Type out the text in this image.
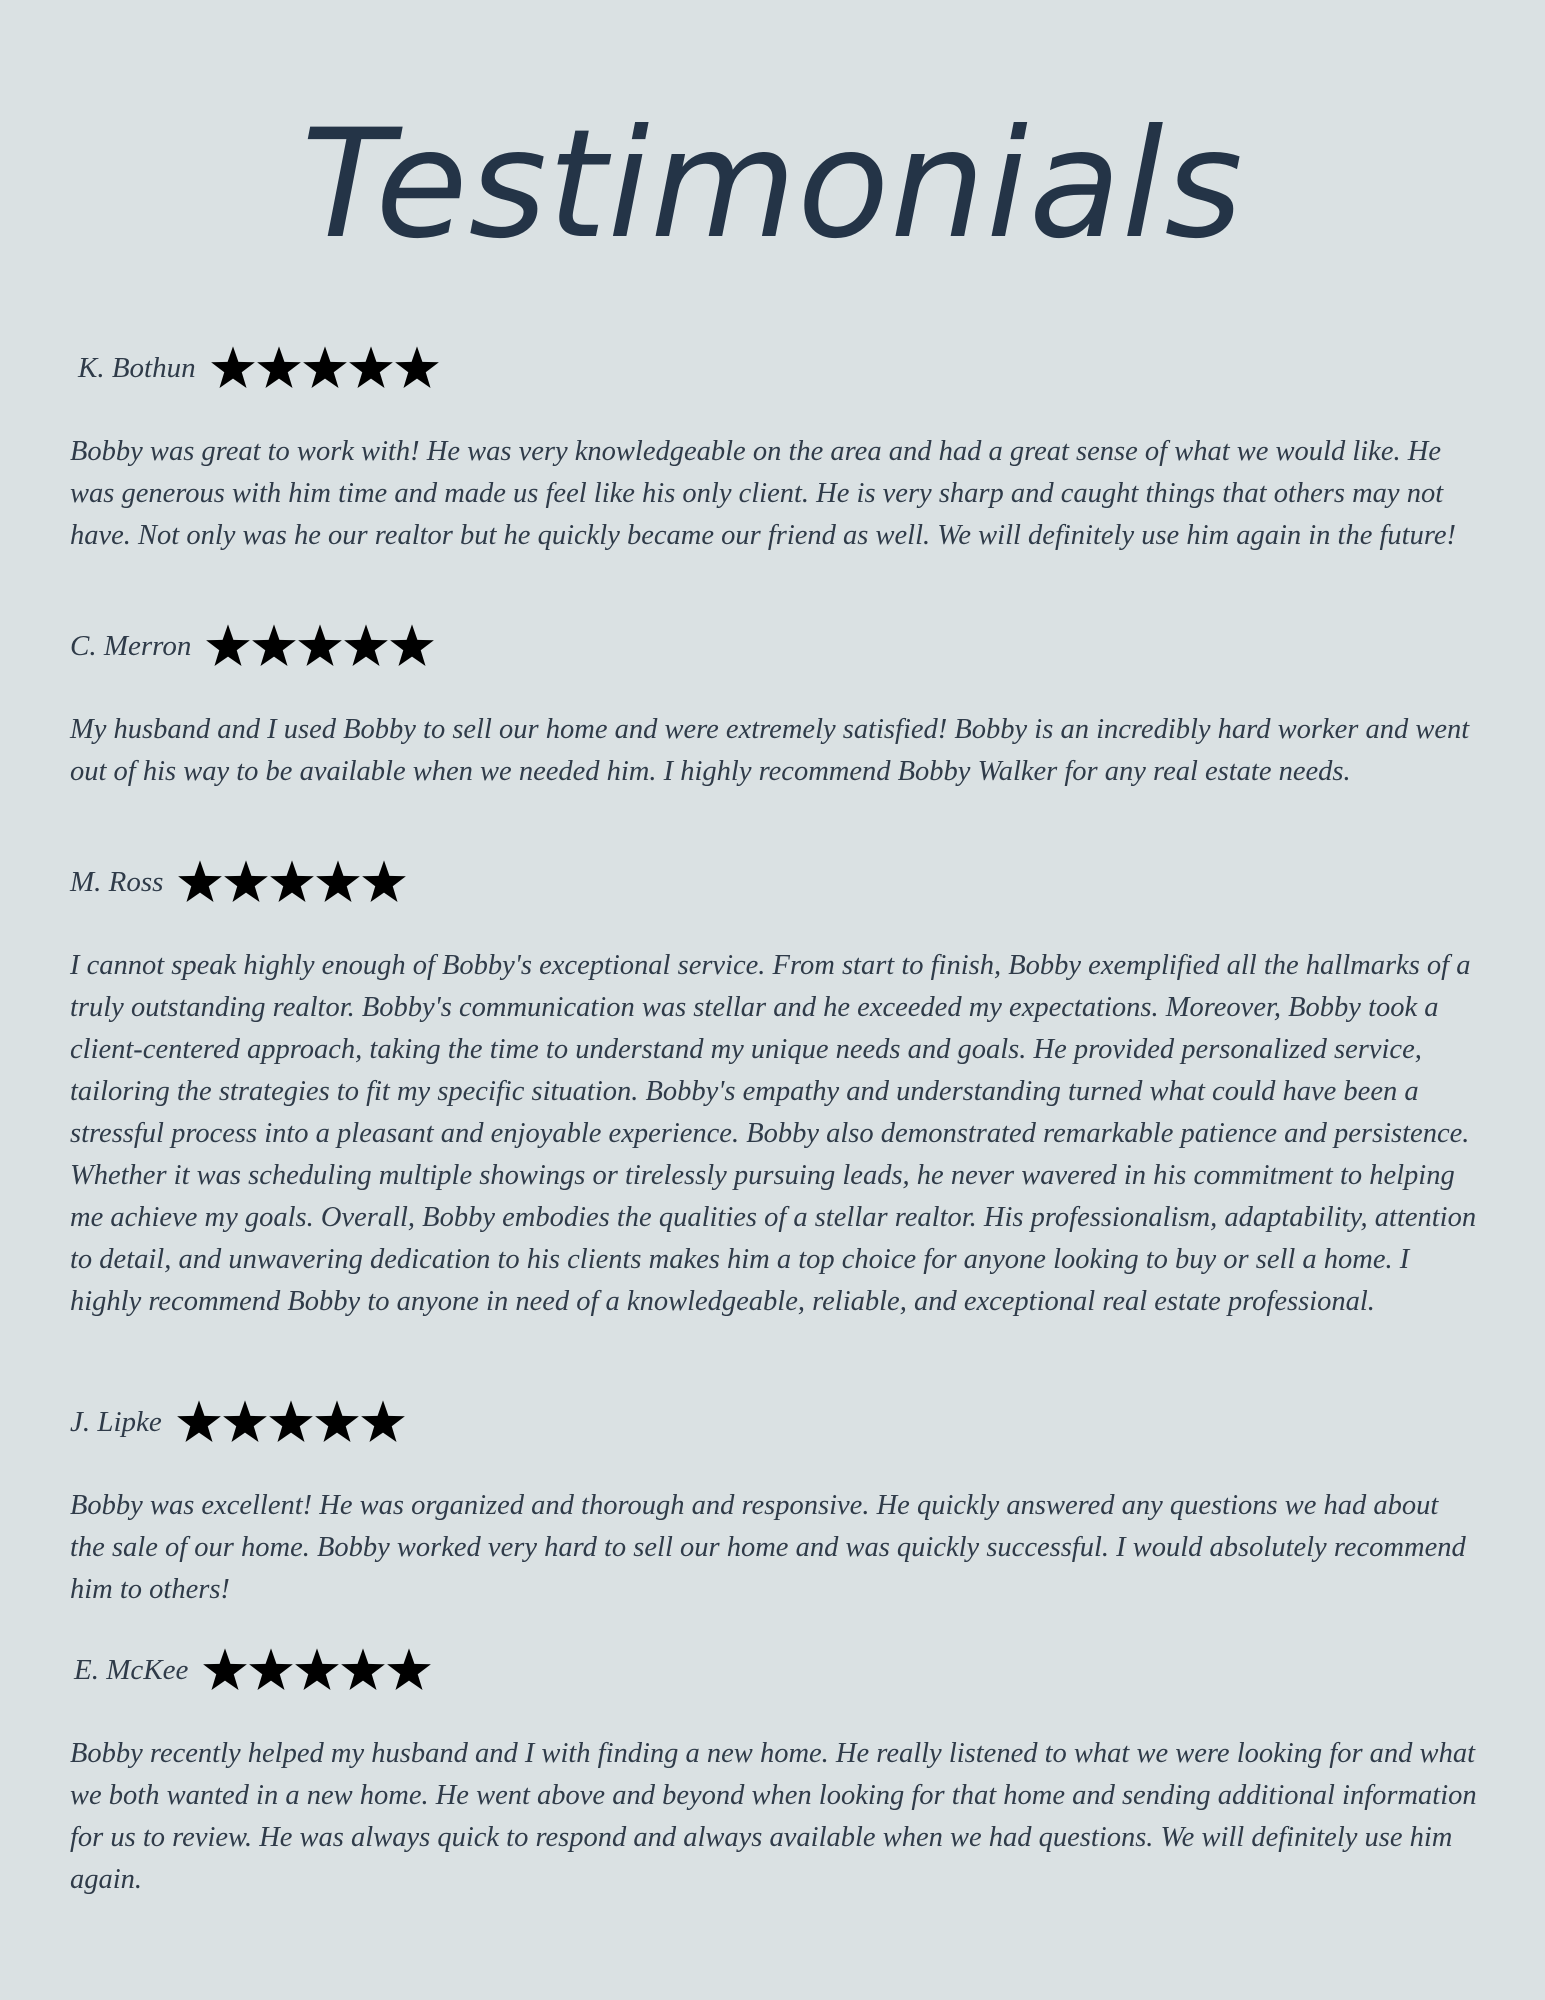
Testimonials
K. Bothun

Bobby was great to work with! He was very knowledgeable on the area and had a great sense of what we would like. He was generous with him time and made us feel like his only client. He is very sharp and caught things that others may not have. Not only was he our realtor but he quickly became our friend as well. We will definitely use him again in the future!

C. Merron

My husband and I used Bobby to sell our home and were extremely satisfied! Bobby is an incredibly hard worker and went out of his way to be available when we needed him. I highly recommend Bobby Walker for any real estate needs.

M. Ross

I cannot speak highly enough of Bobby's exceptional service. From start to finish, Bobby exemplified all the hallmarks of a truly outstanding realtor. Bobby's communication was stellar and he exceeded my expectations. Moreover, Bobby took a client-centered approach, taking the time to understand my unique needs and goals. He provided personalized service, tailoring the strategies to fit my specific situation. Bobby's empathy and understanding turned what could have been a stressful process into a pleasant and enjoyable experience. Bobby also demonstrated remarkable patience and persistence. Whether it was scheduling multiple showings or tirelessly pursuing leads, he never wavered in his commitment to helping me achieve my goals. Overall, Bobby embodies the qualities of a stellar realtor. His professionalism, adaptability, attention to detail, and unwavering dedication to his clients makes him a top choice for anyone looking to buy or sell a home. I highly recommend Bobby to anyone in need of a knowledgeable, reliable, and exceptional real estate professional.

J. Lipke

Bobby was excellent! He was organized and thorough and responsive. He quickly answered any questions we had about the sale of our home. Bobby worked very hard to sell our home and was quickly successful. I would absolutely recommend him to others!

E. McKee

Bobby recently helped my husband and I with finding a new home. He really listened to what we were looking for and what we both wanted in a new home. He went above and beyond when looking for that home and sending additional information for us to review. He was always quick to respond and always available when we had questions. We will definitely use him again.
